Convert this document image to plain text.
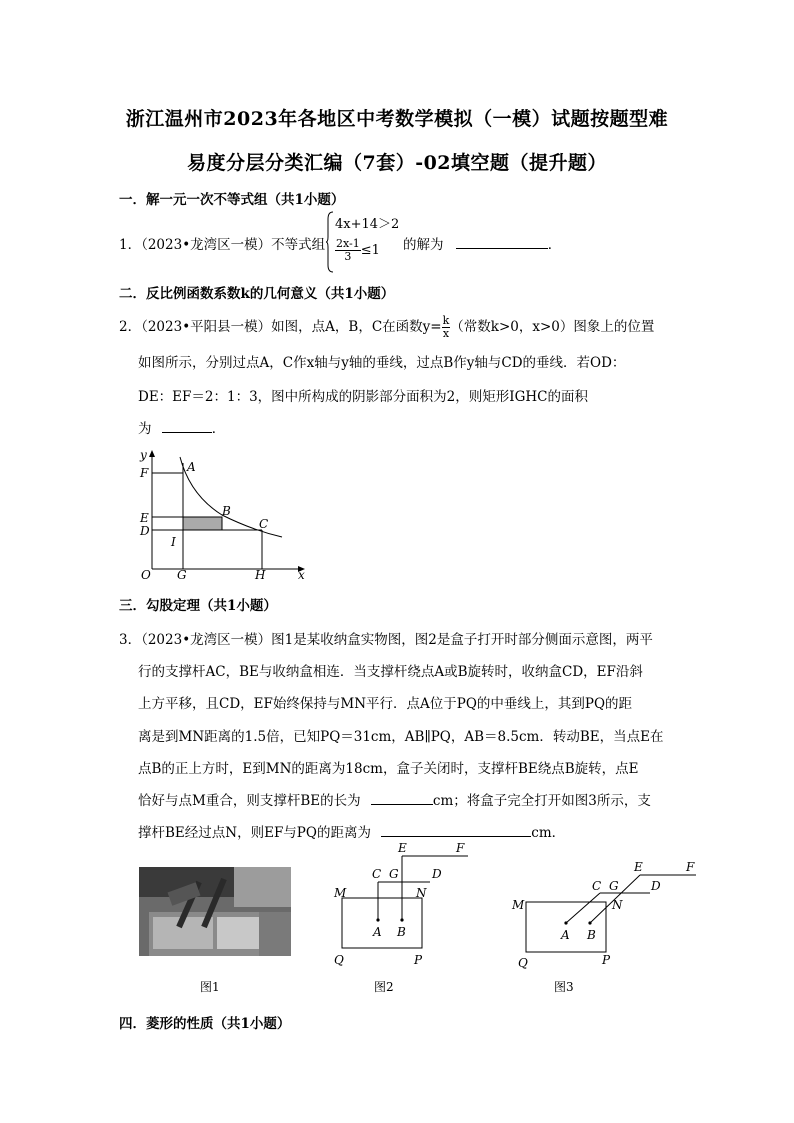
浙江温州市2023年各地区中考数学模拟（一模）试题按题型难
易度分层分类汇编（7套）-02填空题（提升题）
一．解一元一次不等式组（共1小题）
1．（2023•龙湾区一模）不等式组
4x+14＞2
$\frac{2x-1}{3} \le 1$ 的解为	．
二．反比例函数系数k的几何意义（共1小题）
2．（2023•平阳县一模）如图，点A，B，C在函数$y= \frac{k}{x}$ （常数k>0，x>0）图象上的位置
如图所示，分别过点A，C作x轴与y轴的垂线，过点B作y轴与CD的垂线．若OD：
DE：EF＝2：1：3，图中所构成的阴影部分面积为2，则矩形IGHC的面积
为	．
y
F
E
D
O G	H	x
I
A
B
C
三．勾股定理（共1小题）
3．（2023•龙湾区一模）图1是某收纳盒实物图，图2是盒子打开时部分侧面示意图，两平
行的支撑杆AC，BE与收纳盒相连．当支撑杆绕点A或B旋转时，收纳盒CD，EF沿斜
上方平移，且CD，EF始终保持与MN平行．点A位于PQ的中垂线上，其到PQ的距
离是到MN距离的1.5倍，已知PQ＝31cm，AB∥PQ，AB＝8.5cm．转动BE，当点E在
点B的正上方时，E到MN的距离为18cm，盒子关闭时，支撑杆BE绕点B旋转，点E
恰好与点M重合，则支撑杆BE的长为	cm；将盒子完全打开如图3所示，支
撑杆BE经过点N，则EF与PQ的距离为	cm．
E	F
C G	D
M	N
A B
Q	P
E	F
C G	D
M	N
A B
Q	P
图1	图2	图3
四．菱形的性质（共1小题）
